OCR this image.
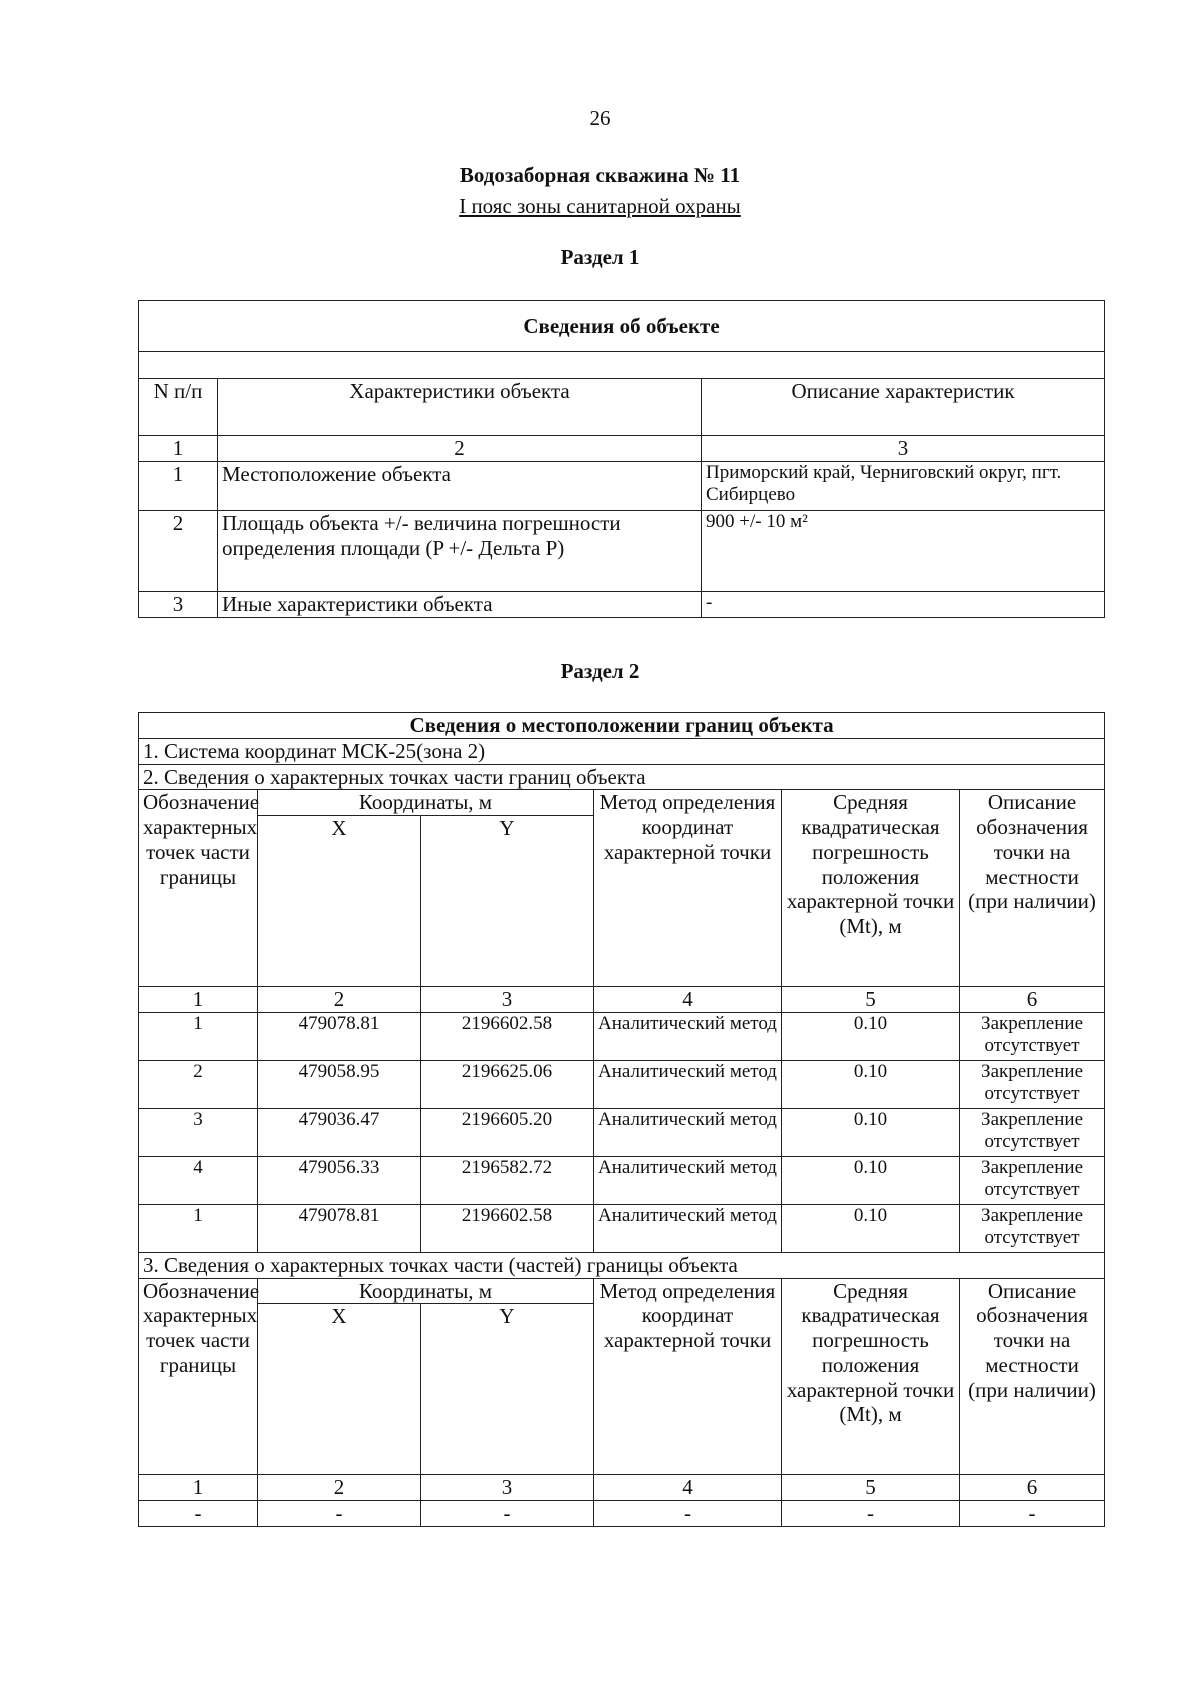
26
Водозаборная скважина № 11
I пояс зоны санитарной охраны
Раздел 1
Сведения об объекте		

N п/п	Характеристики объекта	Описание характеристик
1	2	3
1	Местоположение объекта	Приморский край, Черниговский округ, пгт. Сибирцево
2	Площадь объекта +/- величина погрешности определения площади (P +/- Дельта P)	900 +/- 10 м²
3	Иные характеристики объекта	-
Раздел 2
Сведения о местоположении границ объекта					
1. Система координат МСК-25(зона 2)					
2. Сведения о характерных точках части границ объекта					
Обозначение характерных точек части границы	Координаты, м		Метод определения координат характерной точки	Средняя квадратическая погрешность положения характерной точки (Mt), м	Описание обозначения точки на местности (при наличии)
	X	Y			
1	2	3	4	5	6
1	479078.81	2196602.58	Аналитический метод	0.10	Закрепление отсутствует
2	479058.95	2196625.06	Аналитический метод	0.10	Закрепление отсутствует
3	479036.47	2196605.20	Аналитический метод	0.10	Закрепление отсутствует
4	479056.33	2196582.72	Аналитический метод	0.10	Закрепление отсутствует
1	479078.81	2196602.58	Аналитический метод	0.10	Закрепление отсутствует
3. Сведения о характерных точках части (частей) границы объекта					
Обозначение характерных точек части границы	Координаты, м		Метод определения координат характерной точки	Средняя квадратическая погрешность положения характерной точки (Mt), м	Описание обозначения точки на местности (при наличии)
	X	Y			
1	2	3	4	5	6
-	-	-	-	-	-
